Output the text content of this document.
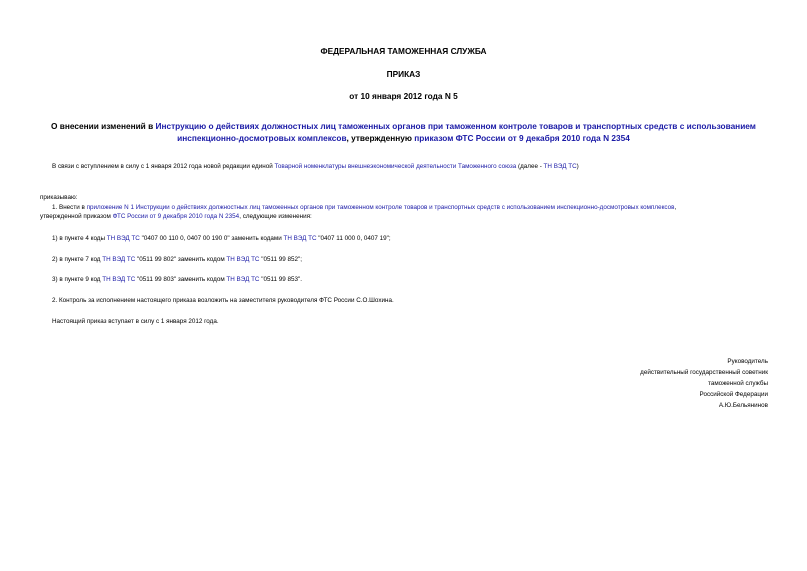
ФЕДЕРАЛЬНАЯ ТАМОЖЕННАЯ СЛУЖБА
ПРИКАЗ
от 10 января 2012 года N 5
О внесении изменений в Инструкцию о действиях должностных лиц таможенных органов при таможенном контроле товаров и транспортных средств с использованием инспекционно-досмотровых комплексов, утвержденную приказом ФТС России от 9 декабря 2010 года N 2354
В связи с вступлением в силу с 1 января 2012 года новой редакции единой Товарной номенклатуры внешнеэкономической деятельности Таможенного союза (далее - ТН ВЭД ТС)
приказываю:
1. Внести в приложение N 1 Инструкции о действиях должностных лиц таможенных органов при таможенном контроле товаров и транспортных средств с использованием инспекционно-досмотровых комплексов,
утвержденной приказом ФТС России от 9 декабря 2010 года N 2354, следующие изменения:
1) в пункте 4 коды ТН ВЭД ТС "0407 00 110 0, 0407 00 190 0" заменить кодами ТН ВЭД ТС "0407 11 000 0, 0407 19";
2) в пункте 7 код ТН ВЭД ТС "0511 99 802" заменить кодом ТН ВЭД ТС "0511 99 852";
3) в пункте 9 код ТН ВЭД ТС "0511 99 803" заменить кодом ТН ВЭД ТС "0511 99 853".
2. Контроль за исполнением настоящего приказа возложить на заместителя руководителя ФТС России С.О.Шохина.
Настоящий приказ вступает в силу с 1 января 2012 года.
Руководитель
действительный государственный советник
таможенной службы
Российской Федерации
А.Ю.Бельянинов
